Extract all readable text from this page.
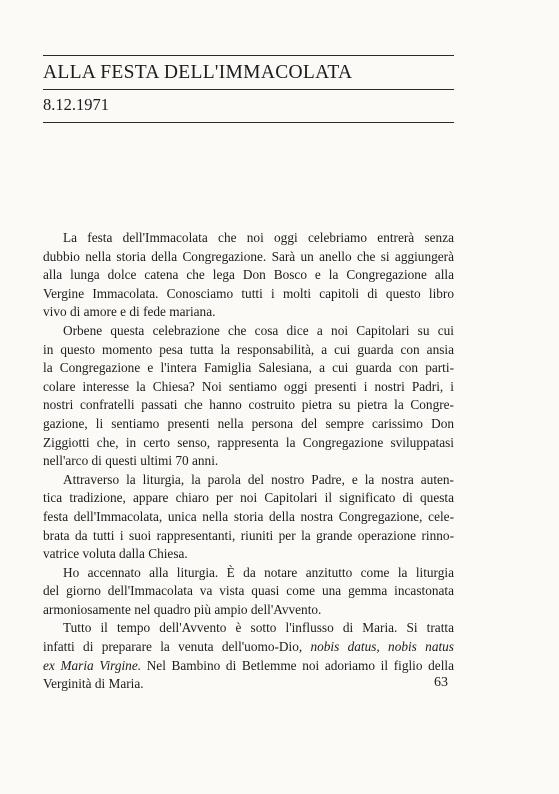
ALLA FESTA DELL'IMMACOLATA
8.12.1971
La festa dell'Immacolata che noi oggi celebriamo entrerà senza
dubbio nella storia della Congregazione. Sarà un anello che si aggiungerà
alla lunga dolce catena che lega Don Bosco e la Congregazione alla
Vergine Immacolata. Conosciamo tutti i molti capitoli di questo libro
vivo di amore e di fede mariana.
Orbene questa celebrazione che cosa dice a noi Capitolari su cui
in questo momento pesa tutta la responsabilità, a cui guarda con ansia
la Congregazione e l'intera Famiglia Salesiana, a cui guarda con parti-
colare interesse la Chiesa? Noi sentiamo oggi presenti i nostri Padri, i
nostri confratelli passati che hanno costruito pietra su pietra la Congre-
gazione, li sentiamo presenti nella persona del sempre carissimo Don
Ziggiotti che, in certo senso, rappresenta la Congregazione sviluppatasi
nell'arco di questi ultimi 70 anni.
Attraverso la liturgia, la parola del nostro Padre, e la nostra auten-
tica tradizione, appare chiaro per noi Capitolari il significato di questa
festa dell'Immacolata, unica nella storia della nostra Congregazione, cele-
brata da tutti i suoi rappresentanti, riuniti per la grande operazione rinno-
vatrice voluta dalla Chiesa.
Ho accennato alla liturgia. È da notare anzitutto come la liturgia
del giorno dell'Immacolata va vista quasi come una gemma incastonata
armoniosamente nel quadro più ampio dell'Avvento.
Tutto il tempo dell'Avvento è sotto l'influsso di Maria. Si tratta
infatti di preparare la venuta dell'uomo-Dio, nobis datus, nobis natus
ex Maria Virgine. Nel Bambino di Betlemme noi adoriamo il figlio della
Verginità di Maria.	63
